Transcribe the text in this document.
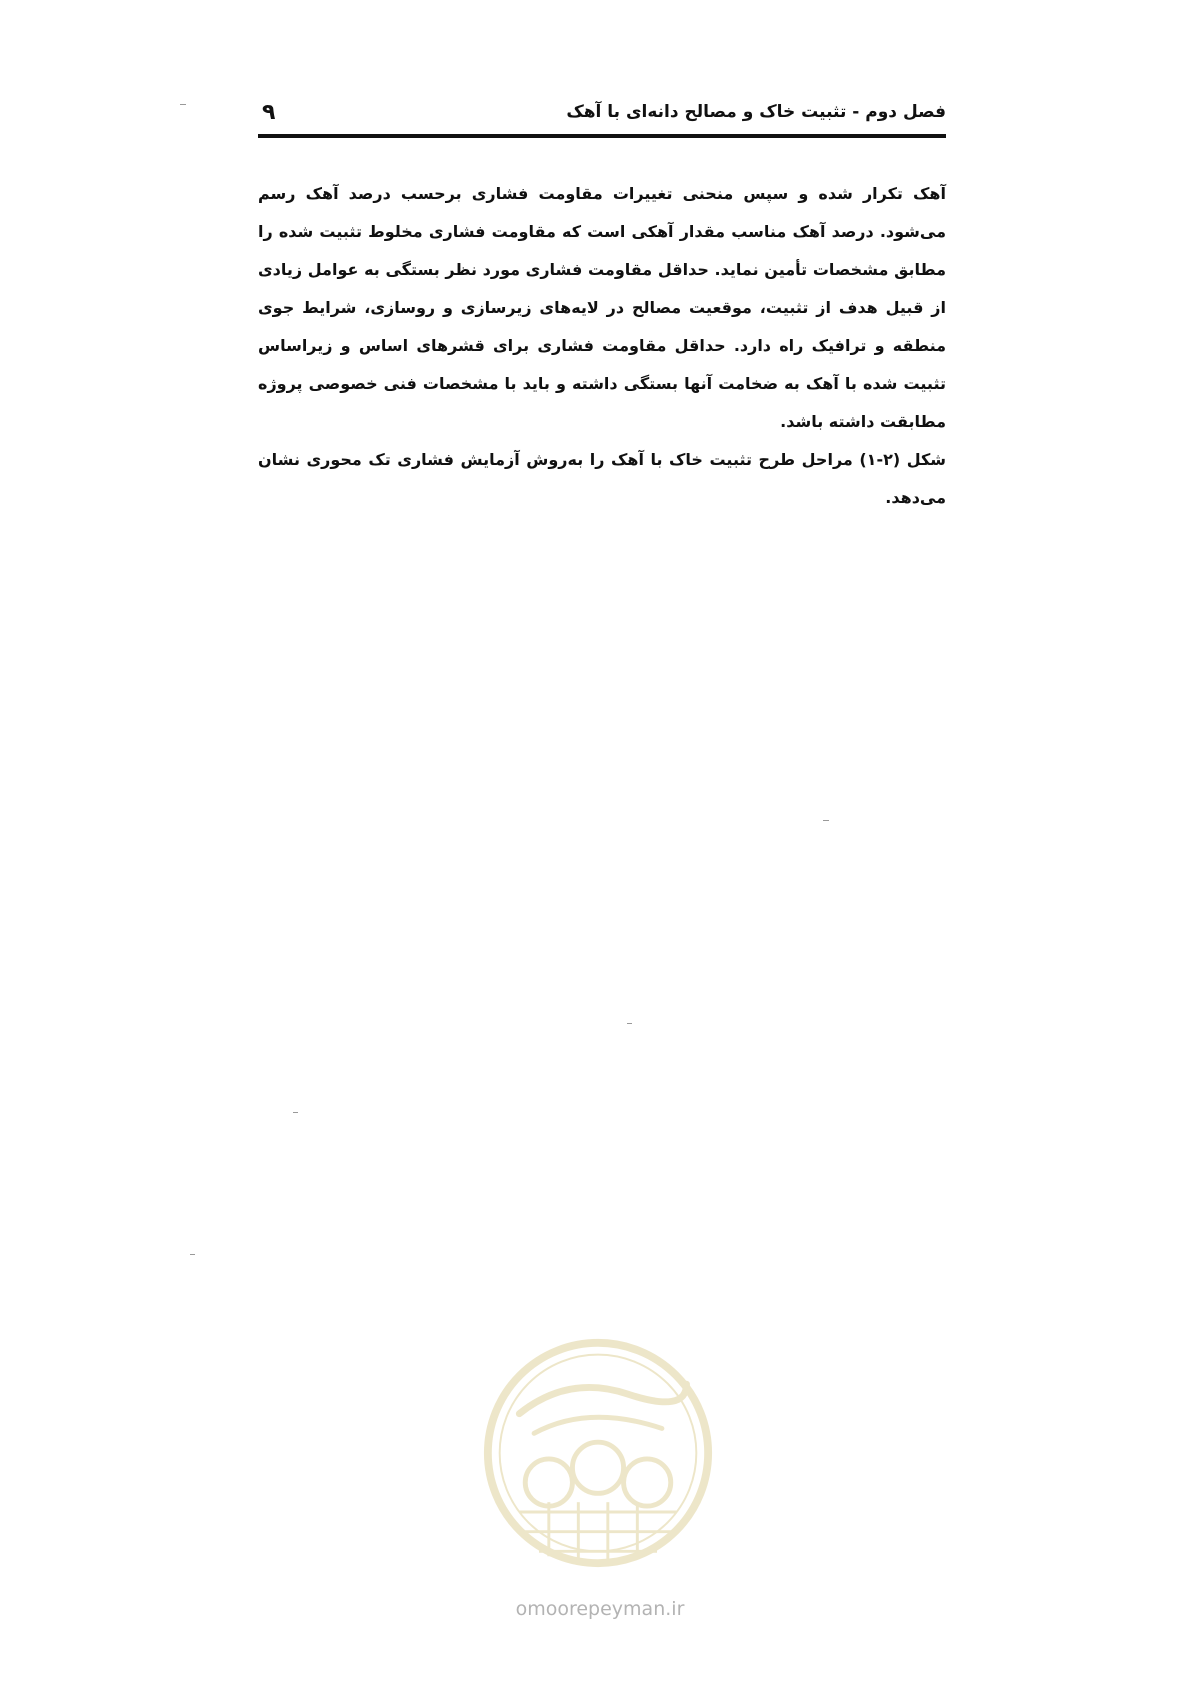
۹	فصل دوم - تثبیت خاک و مصالح دانه‌ای با آهک

آهک تکرار شده و سپس منحنی تغییرات مقاومت فشاری برحسب درصد آهک رسم می‌شود. درصد آهک مناسب مقدار آهکی است که مقاومت فشاری مخلوط تثبیت شده را مطابق مشخصات تأمین نماید. حداقل مقاومت فشاری مورد نظر بستگی به عوامل زیادی از قبیل هدف از تثبیت، موقعیت مصالح در لایه‌های زیرسازی و روسازی، شرایط جوی منطقه و ترافیک راه دارد. حداقل مقاومت فشاری برای قشرهای اساس و زیراساس تثبیت شده با آهک به ضخامت آنها بستگی داشته و باید با مشخصات فنی خصوصی پروژه مطابقت داشته باشد.

شکل (۲-۱) مراحل طرح تثبیت خاک با آهک را به‌روش آزمایش فشاری تک محوری نشان می‌دهد.

omoorepeyman.ir
